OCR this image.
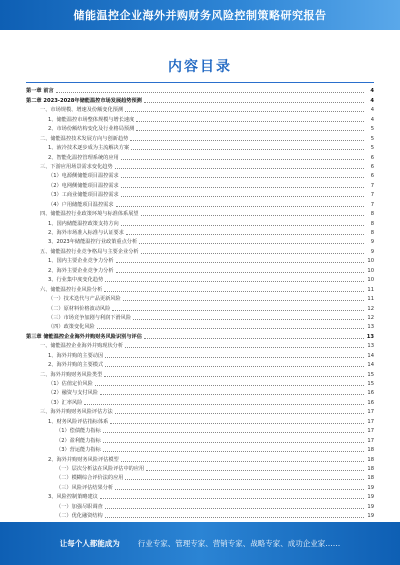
储能温控企业海外并购财务风险控制策略研究报告
内容目录
第一章 前言	4
第二章 2023-2028年储能温控市场发展趋势预测	4
一、市场规模、增速及份额变化预测	4
1、储能温控市场整体规模与增长速度	4
2、市场份额结构变化及行业格局预测	5
二、储能温控技术发展方向与创新趋势	5
1、液冷技术逐步成为主流解决方案	5
2、智能化温控管理系统的应用	6
三、下游应用场景需求变化趋势	6
（1）电源侧储能项目温控需求	6
（2）电网侧储能项目温控需求	7
（3）工商业储能项目温控需求	7
（4）户用储能项目温控需求	7
四、储能温控行业政策环境与标准体系展望	8
1、国内储能温控政策支持方向	8
2、海外市场准入标准与认证要求	8
3、2023年储能温控行业政策重点分析	9
五、储能温控行业竞争格局与主要企业分析	9
1、国内主要企业竞争力分析	10
2、海外主要企业竞争力分析	10
3、行业集中度变化趋势	10
六、储能温控行业风险分析	11
（一）技术迭代与产品更新风险	11
（二）原材料价格波动风险	12
（三）市场竞争加剧与利润下滑风险	12
（四）政策变化风险	13
第三章 储能温控企业海外并购财务风险识别与评估	13
一、储能温控企业海外并购现状分析	13
1、海外并购的主要动因	14
2、海外并购的主要模式	14
二、海外并购财务风险类型	15
（1）估值定价风险	15
（2）融资与支付风险	16
（3）汇率风险	16
三、海外并购财务风险评估方法	17
1、财务风险评估指标体系	17
（1）偿债能力指标	17
（2）盈利能力指标	17
（3）营运能力指标	18
2、海外并购财务风险评估模型	18
（一）层次分析法在风险评估中的应用	18
（二）模糊综合评价法的应用	18
（三）风险评估结果分析	19
3、风险控制策略建议	19
（一）加强尽职调查	19
（二）优化融资结构	19
让每个人都能成为 行业专家、管理专家、营销专家、战略专家、成功企业家……
